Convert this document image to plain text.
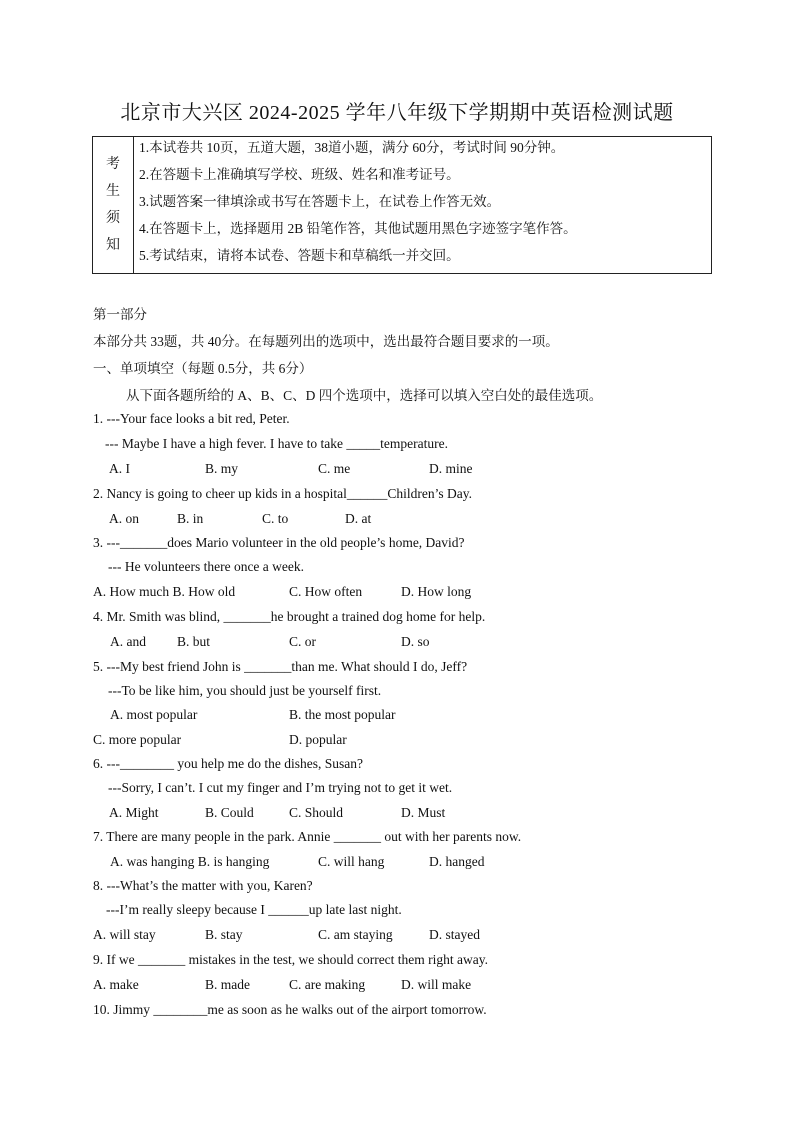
北京市大兴区 2024-2025 学年八年级下学期期中英语检测试题
考
生
须
知
1.本试卷共 10页，五道大题，38道小题，满分 60分，考试时间 90分钟。
2.在答题卡上准确填写学校、班级、姓名和准考证号。
3.试题答案一律填涂或书写在答题卡上，在试卷上作答无效。
4.在答题卡上，选择题用 2B 铅笔作答，其他试题用黑色字迹签字笔作答。
5.考试结束，请将本试卷、答题卡和草稿纸一并交回。
第一部分
本部分共 33题，共 40分。在每题列出的选项中，选出最符合题目要求的一项。
一、单项填空（每题 0.5分，共 6分）
从下面各题所给的 A、B、C、D 四个选项中，选择可以填入空白处的最佳选项。
1. ---Your face looks a bit red, Peter.
--- Maybe I have a high fever. I have to take _____temperature.
A. I	B. my	C. me	D. mine
2. Nancy is going to cheer up kids in a hospital______Children’s Day.
A. on	B. in	C. to	D. at
3. ---_______does Mario volunteer in the old people’s home, David?
--- He volunteers there once a week.
A. How much B. How old	C. How often	D. How long
4. Mr. Smith was blind, _______he brought a trained dog home for help.
A. and B. but	C. or	D. so
5. ---My best friend John is _______than me. What should I do, Jeff?
---To be like him, you should just be yourself first.
A. most popular	B. the most popular
C. more popular	D. popular
6. ---________ you help me do the dishes, Susan?
---Sorry, I can’t. I cut my finger and I’m trying not to get it wet.
A. Might	B. Could	C. Should	D. Must
7. There are many people in the park. Annie _______ out with her parents now.
A. was hanging B. is hanging	C. will hang	D. hanged
8. ---What’s the matter with you, Karen?
---I’m really sleepy because I ______up late last night.
A. will stay	B. stay	C. am staying	D. stayed
9. If we _______ mistakes in the test, we should correct them right away.
A. make	B. made	C. are making	D. will make
10. Jimmy ________me as soon as he walks out of the airport tomorrow.
